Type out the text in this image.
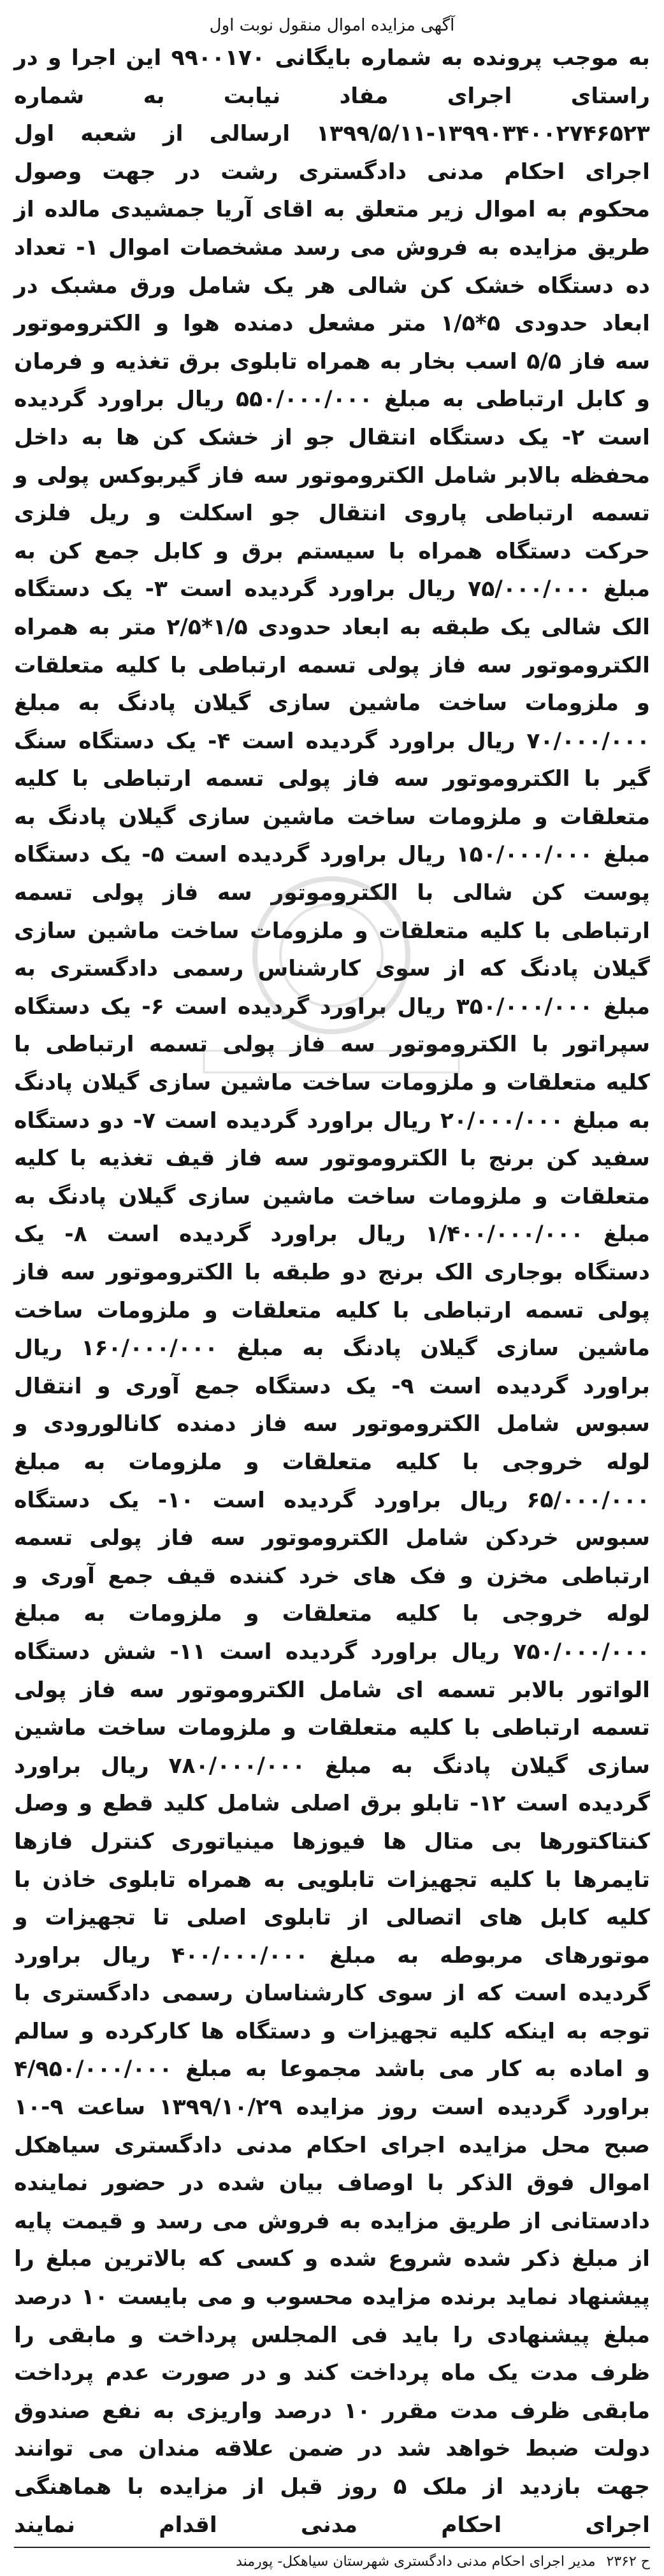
آگهی مزایده اموال منقول نوبت اول

به موجب پرونده به شماره بایگانی ۹۹۰۰۱۷۰ این اجرا و در راستای اجرای مفاد نیابت به شماره ۱۳۹۹۰۳۴۰۰۲۷۴۶۵۲۳-۱۳۹۹/۵/۱۱ ارسالی از شعبه اول اجرای احکام مدنی دادگستری رشت در جهت وصول محکوم به اموال زیر متعلق به اقای آریا جمشیدی مالده از طریق مزایده به فروش می رسد مشخصات اموال ۱- تعداد ده دستگاه خشک کن شالی هر یک شامل ورق مشبک در ابعاد حدودی ۵*۱/۵ متر مشعل دمنده هوا و الکتروموتور سه فاز ۵/۵ اسب بخار به همراه تابلوی برق تغذیه و فرمان و کابل ارتباطی به مبلغ ۵۵۰/۰۰۰/۰۰۰ ریال براورد گردیده است ۲- یک دستگاه انتقال جو از خشک کن ها به داخل محفظه بالابر شامل الکتروموتور سه فاز گیربوکس پولی و تسمه ارتباطی پاروی انتقال جو اسکلت و ریل فلزی حرکت دستگاه همراه با سیستم برق و کابل جمع کن به مبلغ ۷۵/۰۰۰/۰۰۰ ریال براورد گردیده است ۳- یک دستگاه الک شالی یک طبقه به ابعاد حدودی ۱/۵*۲/۵ متر به همراه الکتروموتور سه فاز پولی تسمه ارتباطی با کلیه متعلقات و ملزومات ساخت ماشین سازی گیلان پادنگ به مبلغ ۷۰/۰۰۰/۰۰۰ ریال براورد گردیده است ۴- یک دستگاه سنگ گیر با الکتروموتور سه فاز پولی تسمه ارتباطی با کلیه متعلقات و ملزومات ساخت ماشین سازی گیلان پادنگ به مبلغ ۱۵۰/۰۰۰/۰۰۰ ریال براورد گردیده است ۵- یک دستگاه پوست کن شالی با الکتروموتور سه فاز پولی تسمه ارتباطی با کلیه متعلقات و ملزومات ساخت ماشین سازی گیلان پادنگ که از سوی کارشناس رسمی دادگستری به مبلغ ۳۵۰/۰۰۰/۰۰۰ ریال براورد گردیده است ۶- یک دستگاه سپراتور با الکتروموتور سه فاز پولی تسمه ارتباطی با کلیه متعلقات و ملزومات ساخت ماشین سازی گیلان پادنگ به مبلغ ۲۰/۰۰۰/۰۰۰ ریال براورد گردیده است ۷- دو دستگاه سفید کن برنج با الکتروموتور سه فاز قیف تغذیه با کلیه متعلقات و ملزومات ساخت ماشین سازی گیلان پادنگ به مبلغ ۱/۴۰۰/۰۰۰/۰۰۰ ریال براورد گردیده است ۸- یک دستگاه بوجاری الک برنج دو طبقه با الکتروموتور سه فاز پولی تسمه ارتباطی با کلیه متعلقات و ملزومات ساخت ماشین سازی گیلان پادنگ به مبلغ ۱۶۰/۰۰۰/۰۰۰ ریال براورد گردیده است ۹- یک دستگاه جمع آوری و انتقال سبوس شامل الکتروموتور سه فاز دمنده کانالورودی و لوله خروجی با کلیه متعلقات و ملزومات به مبلغ ۶۵/۰۰۰/۰۰۰ ریال براورد گردیده است ۱۰- یک دستگاه سبوس خردکن شامل الکتروموتور سه فاز پولی تسمه ارتباطی مخزن و فک های خرد کننده قیف جمع آوری و لوله خروجی با کلیه متعلقات و ملزومات به مبلغ ۷۵۰/۰۰۰/۰۰۰ ریال براورد گردیده است ۱۱- شش دستگاه الواتور بالابر تسمه ای شامل الکتروموتور سه فاز پولی تسمه ارتباطی با کلیه متعلقات و ملزومات ساخت ماشین سازی گیلان پادنگ به مبلغ ۷۸۰/۰۰۰/۰۰۰ ریال براورد گردیده است ۱۲- تابلو برق اصلی شامل کلید قطع و وصل کنتاکتورها بی متال ها فیوزها مینیاتوری کنترل فازها تایمرها با کلیه تجهیزات تابلویی به همراه تابلوی خاذن با کلیه کابل های اتصالی از تابلوی اصلی تا تجهیزات و موتورهای مربوطه به مبلغ ۴۰۰/۰۰۰/۰۰۰ ریال براورد گردیده است که از سوی کارشناسان رسمی دادگستری با توجه به اینکه کلیه تجهیزات و دستگاه ها کارکرده و سالم و اماده به کار می باشد مجموعا به مبلغ ۴/۹۵۰/۰۰۰/۰۰۰ براورد گردیده است روز مزایده ۱۳۹۹/۱۰/۲۹ ساعت ۹-۱۰ صبح محل مزایده اجرای احکام مدنی دادگستری سیاهکل اموال فوق الذکر با اوصاف بیان شده در حضور نماینده دادستانی از طریق مزایده به فروش می رسد و قیمت پایه از مبلغ ذکر شده شروع شده و کسی که بالاترین مبلغ را پیشنهاد نماید برنده مزایده محسوب و می بایست ۱۰ درصد مبلغ پیشنهادی را باید فی المجلس پرداخت و مابقی را ظرف مدت یک ماه پرداخت کند و در صورت عدم پرداخت مابقی ظرف مدت مقرر ۱۰ درصد واریزی به نفع صندوق دولت ضبط خواهد شد در ضمن علاقه مندان می توانند جهت بازدید از ملک ۵ روز قبل از مزایده با هماهنگی اجرای احکام مدنی اقدام نمایند

ح ۲۳۶۲ مدیر اجرای احکام مدنی دادگستری شهرستان سیاهکل- پورمند
